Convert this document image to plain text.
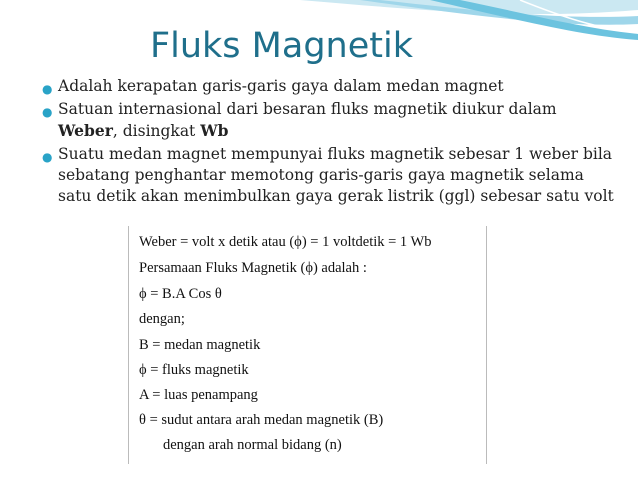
Fluks Magnetik
● Adalah kerapatan garis-garis gaya dalam medan magnet

● Satuan internasional dari besaran fluks magnetik diukur dalam

Weber, disingkat Wb

● Suatu medan magnet mempunyai fluks magnetik sebesar 1 weber bila

sebatang penghantar memotong garis-garis gaya magnetik selama

satu detik akan menimbulkan gaya gerak listrik (ggl) sebesar satu volt

Weber = volt x detik atau (ϕ) = 1 voltdetik = 1 Wb
Persamaan Fluks Magnetik (ϕ) adalah :
ϕ = B.A Cos θ
dengan;
B = medan magnetik
ϕ = fluks magnetik
A = luas penampang
θ = sudut antara arah medan magnetik (B)
dengan arah normal bidang (n)
